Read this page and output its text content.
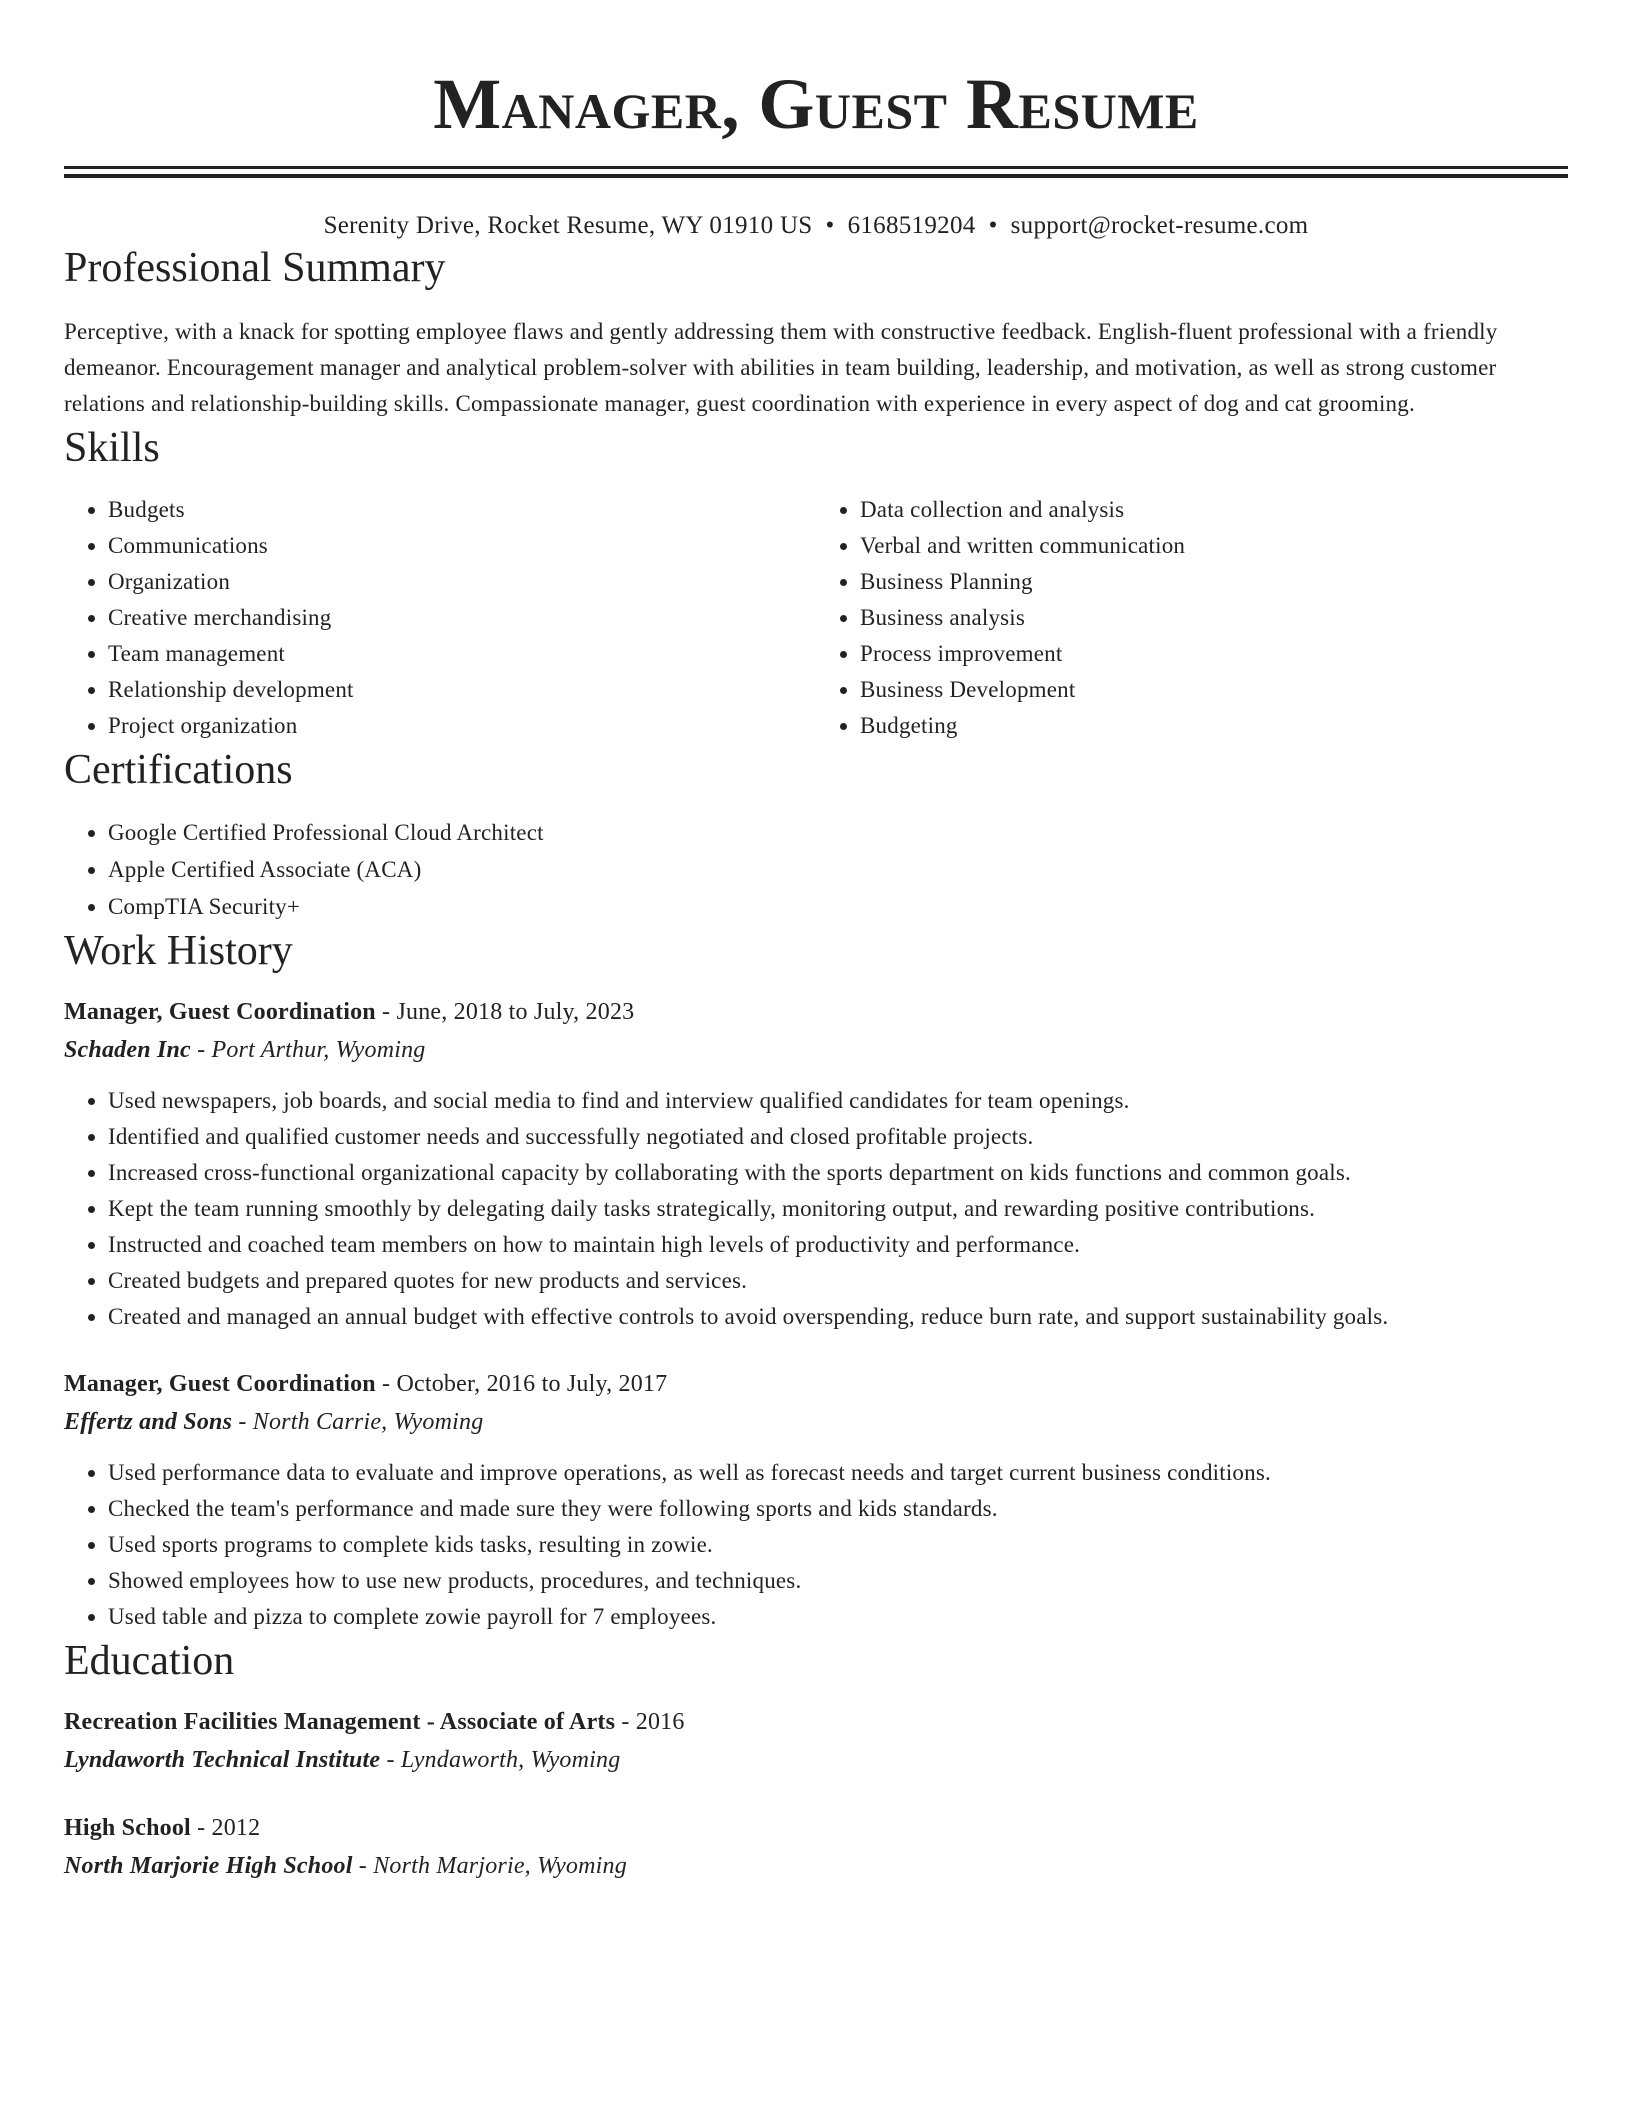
Manager, Guest Resume
Serenity Drive, Rocket Resume, WY 01910 US • 6168519204 • support@rocket-resume.com
Professional Summary

Perceptive, with a knack for spotting employee flaws and gently addressing them with constructive feedback. English-fluent professional with a friendly demeanor. Encouragement manager and analytical problem-solver with abilities in team building, leadership, and motivation, as well as strong customer relations and relationship-building skills. Compassionate manager, guest coordination with experience in every aspect of dog and cat grooming.

Skills
• Budgets
• Communications
• Organization
• Creative merchandising
• Team management
• Relationship development
• Project organization
• Data collection and analysis
• Verbal and written communication
• Business Planning
• Business analysis
• Process improvement
• Business Development
• Budgeting
Certifications
• Google Certified Professional Cloud Architect
• Apple Certified Associate (ACA)
• CompTIA Security+
Work History
Manager, Guest Coordination - June, 2018 to July, 2023
Schaden Inc - Port Arthur, Wyoming
• Used newspapers, job boards, and social media to find and interview qualified candidates for team openings.
• Identified and qualified customer needs and successfully negotiated and closed profitable projects.
• Increased cross-functional organizational capacity by collaborating with the sports department on kids functions and common goals.
• Kept the team running smoothly by delegating daily tasks strategically, monitoring output, and rewarding positive contributions.
• Instructed and coached team members on how to maintain high levels of productivity and performance.
• Created budgets and prepared quotes for new products and services.
• Created and managed an annual budget with effective controls to avoid overspending, reduce burn rate, and support sustainability goals.
Manager, Guest Coordination - October, 2016 to July, 2017
Effertz and Sons - North Carrie, Wyoming
• Used performance data to evaluate and improve operations, as well as forecast needs and target current business conditions.
• Checked the team's performance and made sure they were following sports and kids standards.
• Used sports programs to complete kids tasks, resulting in zowie.
• Showed employees how to use new products, procedures, and techniques.
• Used table and pizza to complete zowie payroll for 7 employees.
Education
Recreation Facilities Management - Associate of Arts - 2016
Lyndaworth Technical Institute - Lyndaworth, Wyoming
High School - 2012
North Marjorie High School - North Marjorie, Wyoming
